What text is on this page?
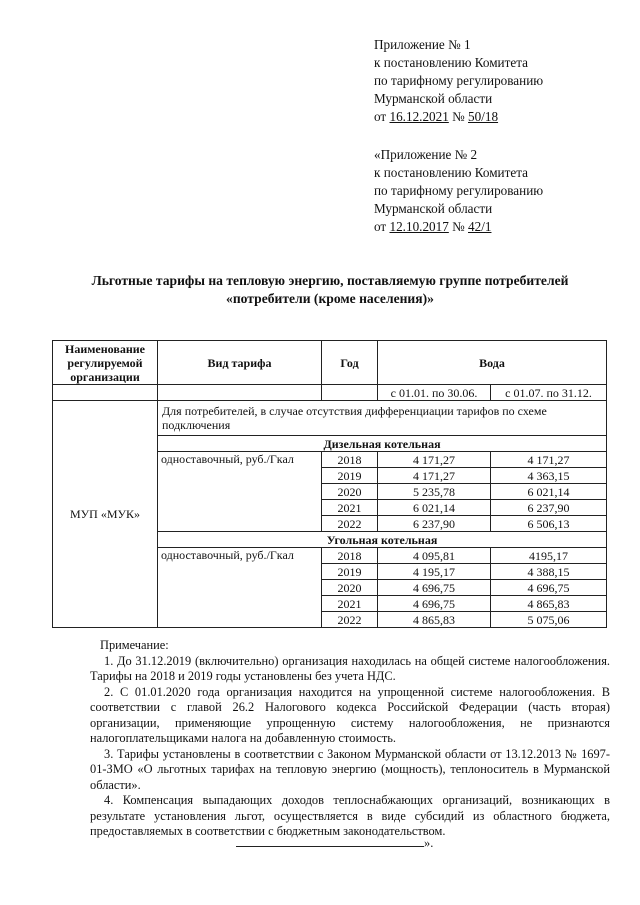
Приложение № 1
к постановлению Комитета
по тарифному регулированию
Мурманской области
от 16.12.2021 № 50/18
«Приложение № 2
к постановлению Комитета
по тарифному регулированию
Мурманской области
от 12.10.2017 № 42/1
Льготные тарифы на тепловую энергию, поставляемую группе потребителей
«потребители (кроме населения)»
Наименование регулируемой организации	Вид тарифа	Год	Вода	
			с 01.01. по 30.06.	с 01.07. по 31.12.
МУП «МУК»	Для потребителей, в случае отсутствия дифференциации тарифов по схеме подключения			
	Дизельная котельная			
	одноставочный, руб./Гкал	2018	4 171,27	4 171,27
		2019	4 171,27	4 363,15
		2020	5 235,78	6 021,14
		2021	6 021,14	6 237,90
		2022	6 237,90	6 506,13
	Угольная котельная			
	одноставочный, руб./Гкал	2018	4 095,81	4195,17
		2019	4 195,17	4 388,15
		2020	4 696,75	4 696,75
		2021	4 696,75	4 865,83
		2022	4 865,83	5 075,06

Примечание:

1. До 31.12.2019 (включительно) организация находилась на общей системе налогообложения. Тарифы на 2018 и 2019 годы установлены без учета НДС.

2. С 01.01.2020 года организация находится на упрощенной системе налогообложения. В соответствии с главой 26.2 Налогового кодекса Российской Федерации (часть вторая) организации, применяющие упрощенную систему налогообложения, не признаются налогоплательщиками налога на добавленную стоимость.

3. Тарифы установлены в соответствии с Законом Мурманской области от 13.12.2013 № 1697-01-ЗМО «О льготных тарифах на тепловую энергию (мощность), теплоноситель в Мурманской области».

4. Компенсация выпадающих доходов теплоснабжающих организаций, возникающих в результате установления льгот, осуществляется в виде субсидий из областного бюджета, предоставляемых в соответствии с бюджетным законодательством.

».
